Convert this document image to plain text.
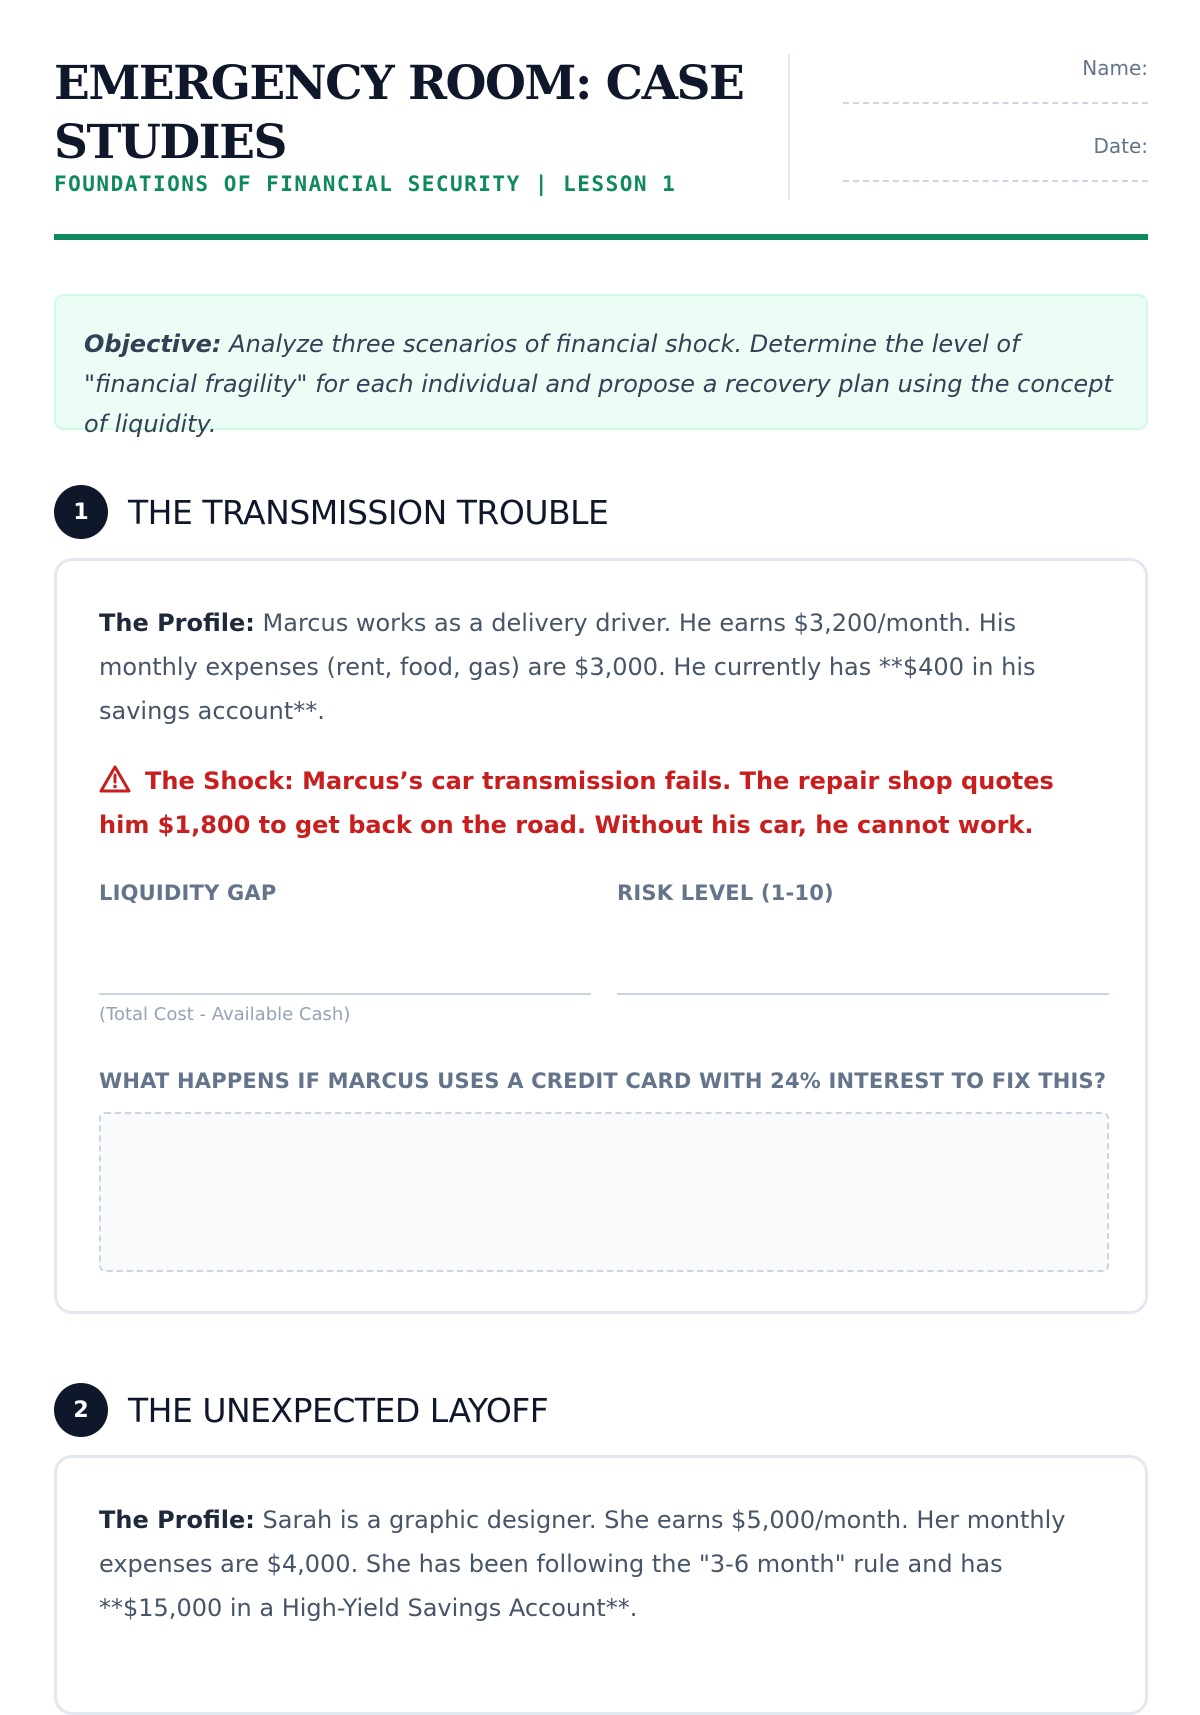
EMERGENCY ROOM: CASE STUDIES
FOUNDATIONS OF FINANCIAL SECURITY | LESSON 1
Name:
Date:
Objective: Analyze three scenarios of financial shock. Determine the level of "financial fragility" for each individual and propose a recovery plan using the concept of liquidity.
1	THE TRANSMISSION TROUBLE
The Profile: Marcus works as a delivery driver. He earns $3,200/month. His monthly expenses (rent, food, gas) are $3,000. He currently has **$400 in his savings account**.
The Shock: Marcus’s car transmission fails. The repair shop quotes him $1,800 to get back on the road. Without his car, he cannot work.
LIQUIDITY GAP
(Total Cost - Available Cash)
RISK LEVEL (1-10)
WHAT HAPPENS IF MARCUS USES A CREDIT CARD WITH 24% INTEREST TO FIX THIS?
2	THE UNEXPECTED LAYOFF
The Profile: Sarah is a graphic designer. She earns $5,000/month. Her monthly expenses are $4,000. She has been following the "3-6 month" rule and has **$15,000 in a High-Yield Savings Account**.
